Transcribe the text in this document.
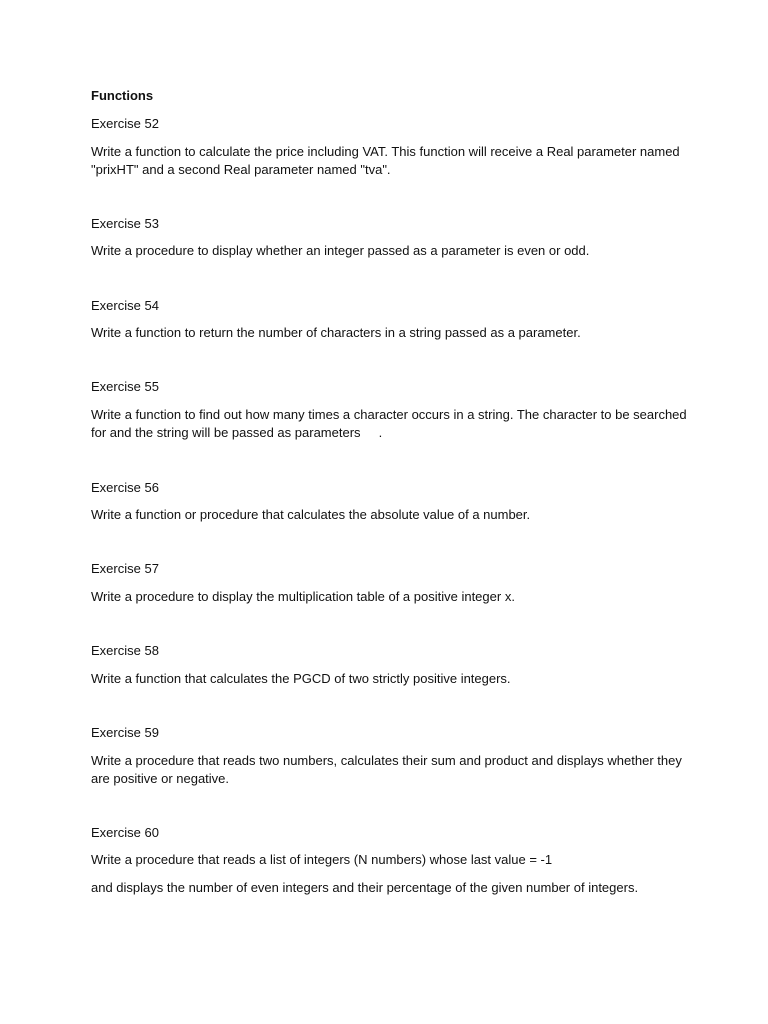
Functions
Exercise 52
Write a function to calculate the price including VAT. This function will receive a Real parameter named "prixHT" and a second Real parameter named "tva".
Exercise 53
Write a procedure to display whether an integer passed as a parameter is even or odd.
Exercise 54
Write a function to return the number of characters in a string passed as a parameter.
Exercise 55
Write a function to find out how many times a character occurs in a string. The character to be searched for and the string will be passed as parameters     .
Exercise 56
Write a function or procedure that calculates the absolute value of a number.
Exercise 57
Write a procedure to display the multiplication table of a positive integer x.
Exercise 58
Write a function that calculates the PGCD of two strictly positive integers.
Exercise 59
Write a procedure that reads two numbers, calculates their sum and product and displays whether they are positive or negative.
Exercise 60
Write a procedure that reads a list of integers (N numbers) whose last value = -1
and displays the number of even integers and their percentage of the given number of integers.
